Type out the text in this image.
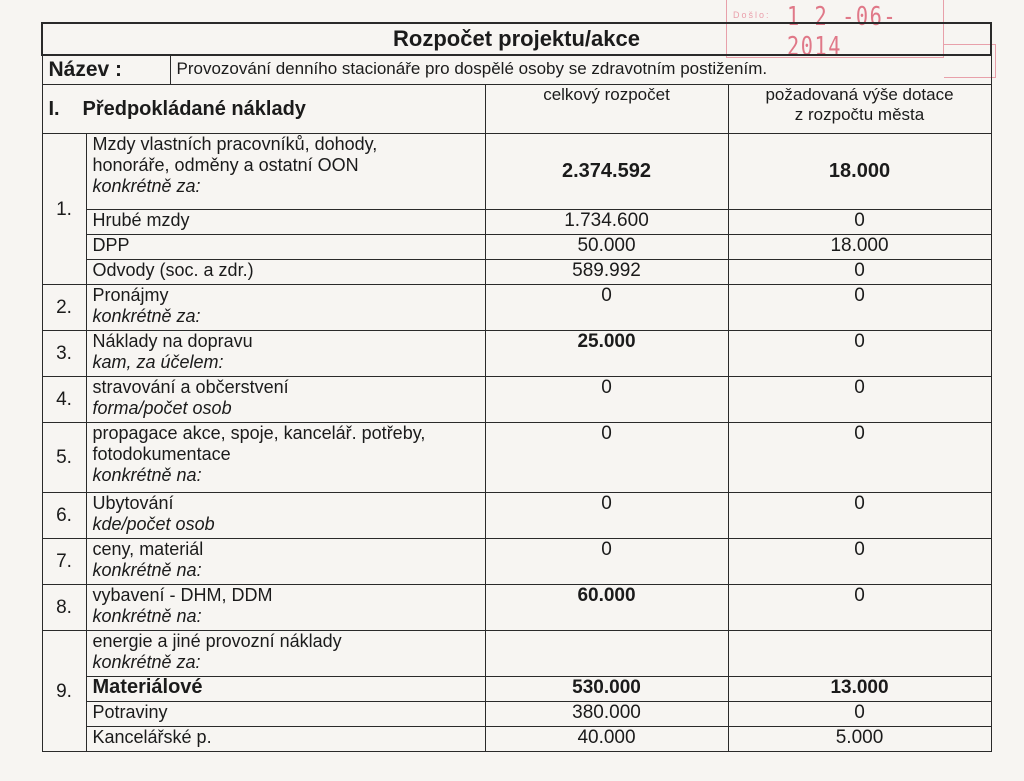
Došlo: 1 2 -06- 2014
Rozpočet projektu/akce			

Název : Provozování denního stacionáře pro dospělé osoby se zdravotním postižením.			

I. Předpokládané náklady		celkový rozpočet	požadovaná výše dotace
z rozpočtu města

1.	Mzdy vlastních pracovníků, dohody,
honoráře, odměny a ostatní OON
konkrétně za:	2.374.592	18.000
	Hrubé mzdy	1.734.600	0
	DPP	50.000	18.000
	Odvody (soc. a zdr.)	589.992	0
2.	Pronájmy
konkrétně za:	0	0
3.	Náklady na dopravu
kam, za účelem:	25.000	0
4.	stravování a občerstvení
forma/počet osob	0	0
5.	propagace akce, spoje, kancelář. potřeby,
fotodokumentace
konkrétně na:	0	0
6.	Ubytování
kde/počet osob	0	0
7.	ceny, materiál
konkrétně na:	0	0
8.	vybavení - DHM, DDM
konkrétně na:	60.000	0
9.	energie a jiné provozní náklady
konkrétně za:		

	Materiálové	530.000	13.000
	Potraviny	380.000	0
	Kancelářské p.	40.000	5.000
